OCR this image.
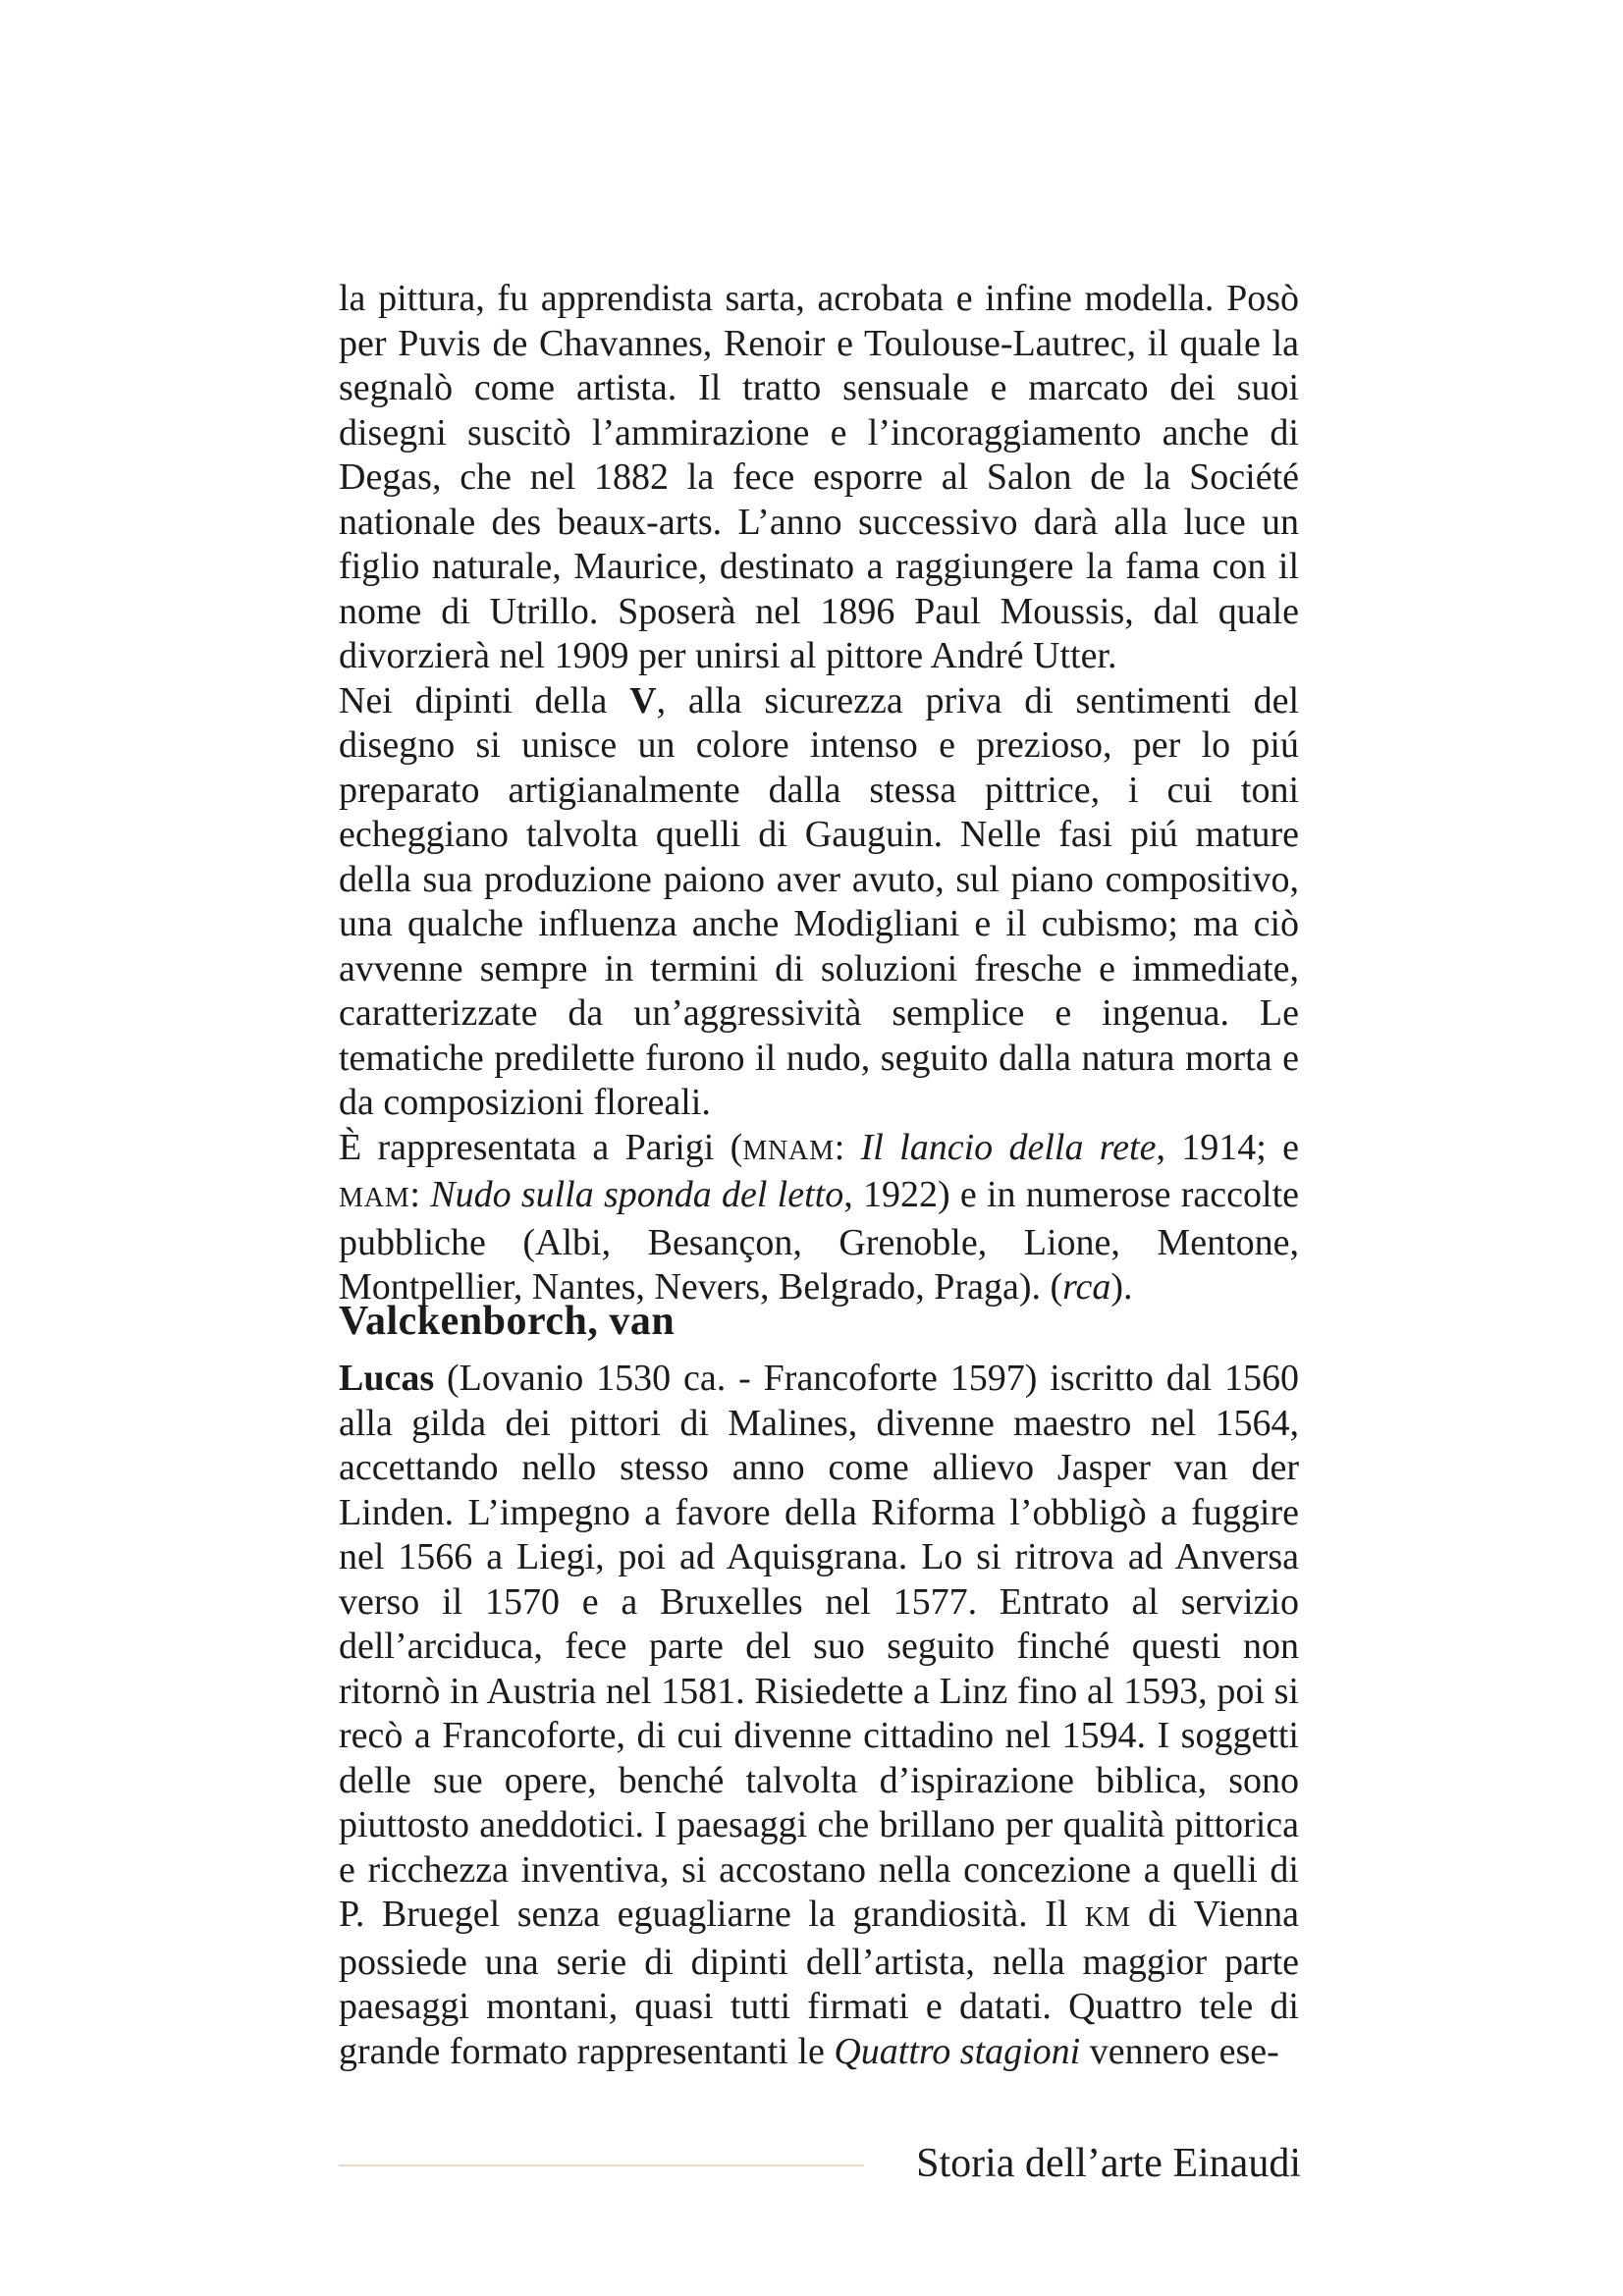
la pittura, fu apprendista sarta, acrobata e infine modella. Posò per Puvis de Chavannes, Renoir e Toulouse-Lautrec, il quale la segnalò come artista. Il tratto sensuale e marcato dei suoi disegni suscitò l’ammirazione e l’incoraggiamento anche di Degas, che nel 1882 la fece esporre al Salon de la Société nationale des beaux-arts. L’anno successivo darà alla luce un figlio naturale, Maurice, destinato a raggiungere la fama con il nome di Utrillo. Sposerà nel 1896 Paul Moussis, dal quale divorzierà nel 1909 per unirsi al pittore André Utter.

Nei dipinti della V, alla sicurezza priva di sentimenti del disegno si unisce un colore intenso e prezioso, per lo piú preparato artigianalmente dalla stessa pittrice, i cui toni echeggiano talvolta quelli di Gauguin. Nelle fasi piú mature della sua produzione paiono aver avuto, sul piano compositivo, una qualche influenza anche Modigliani e il cubismo; ma ciò avvenne sempre in termini di soluzioni fresche e immediate, caratterizzate da un’aggressività semplice e ingenua. Le tematiche predilette furono il nudo, seguito dalla natura morta e da composizioni floreali.

È rappresentata a Parigi (MNAM: Il lancio della rete, 1914; e MAM: Nudo sulla sponda del letto, 1922) e in numerose raccolte pubbliche (Albi, Besançon, Grenoble, Lione, Mentone, Montpellier, Nantes, Nevers, Belgrado, Praga). (rca).

Valckenborch, van

Lucas (Lovanio 1530 ca. - Francoforte 1597) iscritto dal 1560 alla gilda dei pittori di Malines, divenne maestro nel 1564, accettando nello stesso anno come allievo Jasper van der Linden. L’impegno a favore della Riforma l’obbligò a fuggire nel 1566 a Liegi, poi ad Aquisgrana. Lo si ritrova ad Anversa verso il 1570 e a Bruxelles nel 1577. Entrato al servizio dell’arciduca, fece parte del suo seguito finché questi non ritornò in Austria nel 1581. Risiedette a Linz fino al 1593, poi si recò a Francoforte, di cui divenne cittadino nel 1594. I soggetti delle sue opere, benché talvolta d’ispirazione biblica, sono piuttosto aneddotici. I paesaggi che brillano per qualità pittorica e ricchezza inventiva, si accostano nella concezione a quelli di P. Bruegel senza eguagliarne la grandiosità. Il KM di Vienna possiede una serie di dipinti dell’artista, nella maggior parte paesaggi montani, quasi tutti firmati e datati. Quattro tele di grande formato rappresentanti le Quattro stagioni vennero ese-

Storia dell’arte Einaudi
